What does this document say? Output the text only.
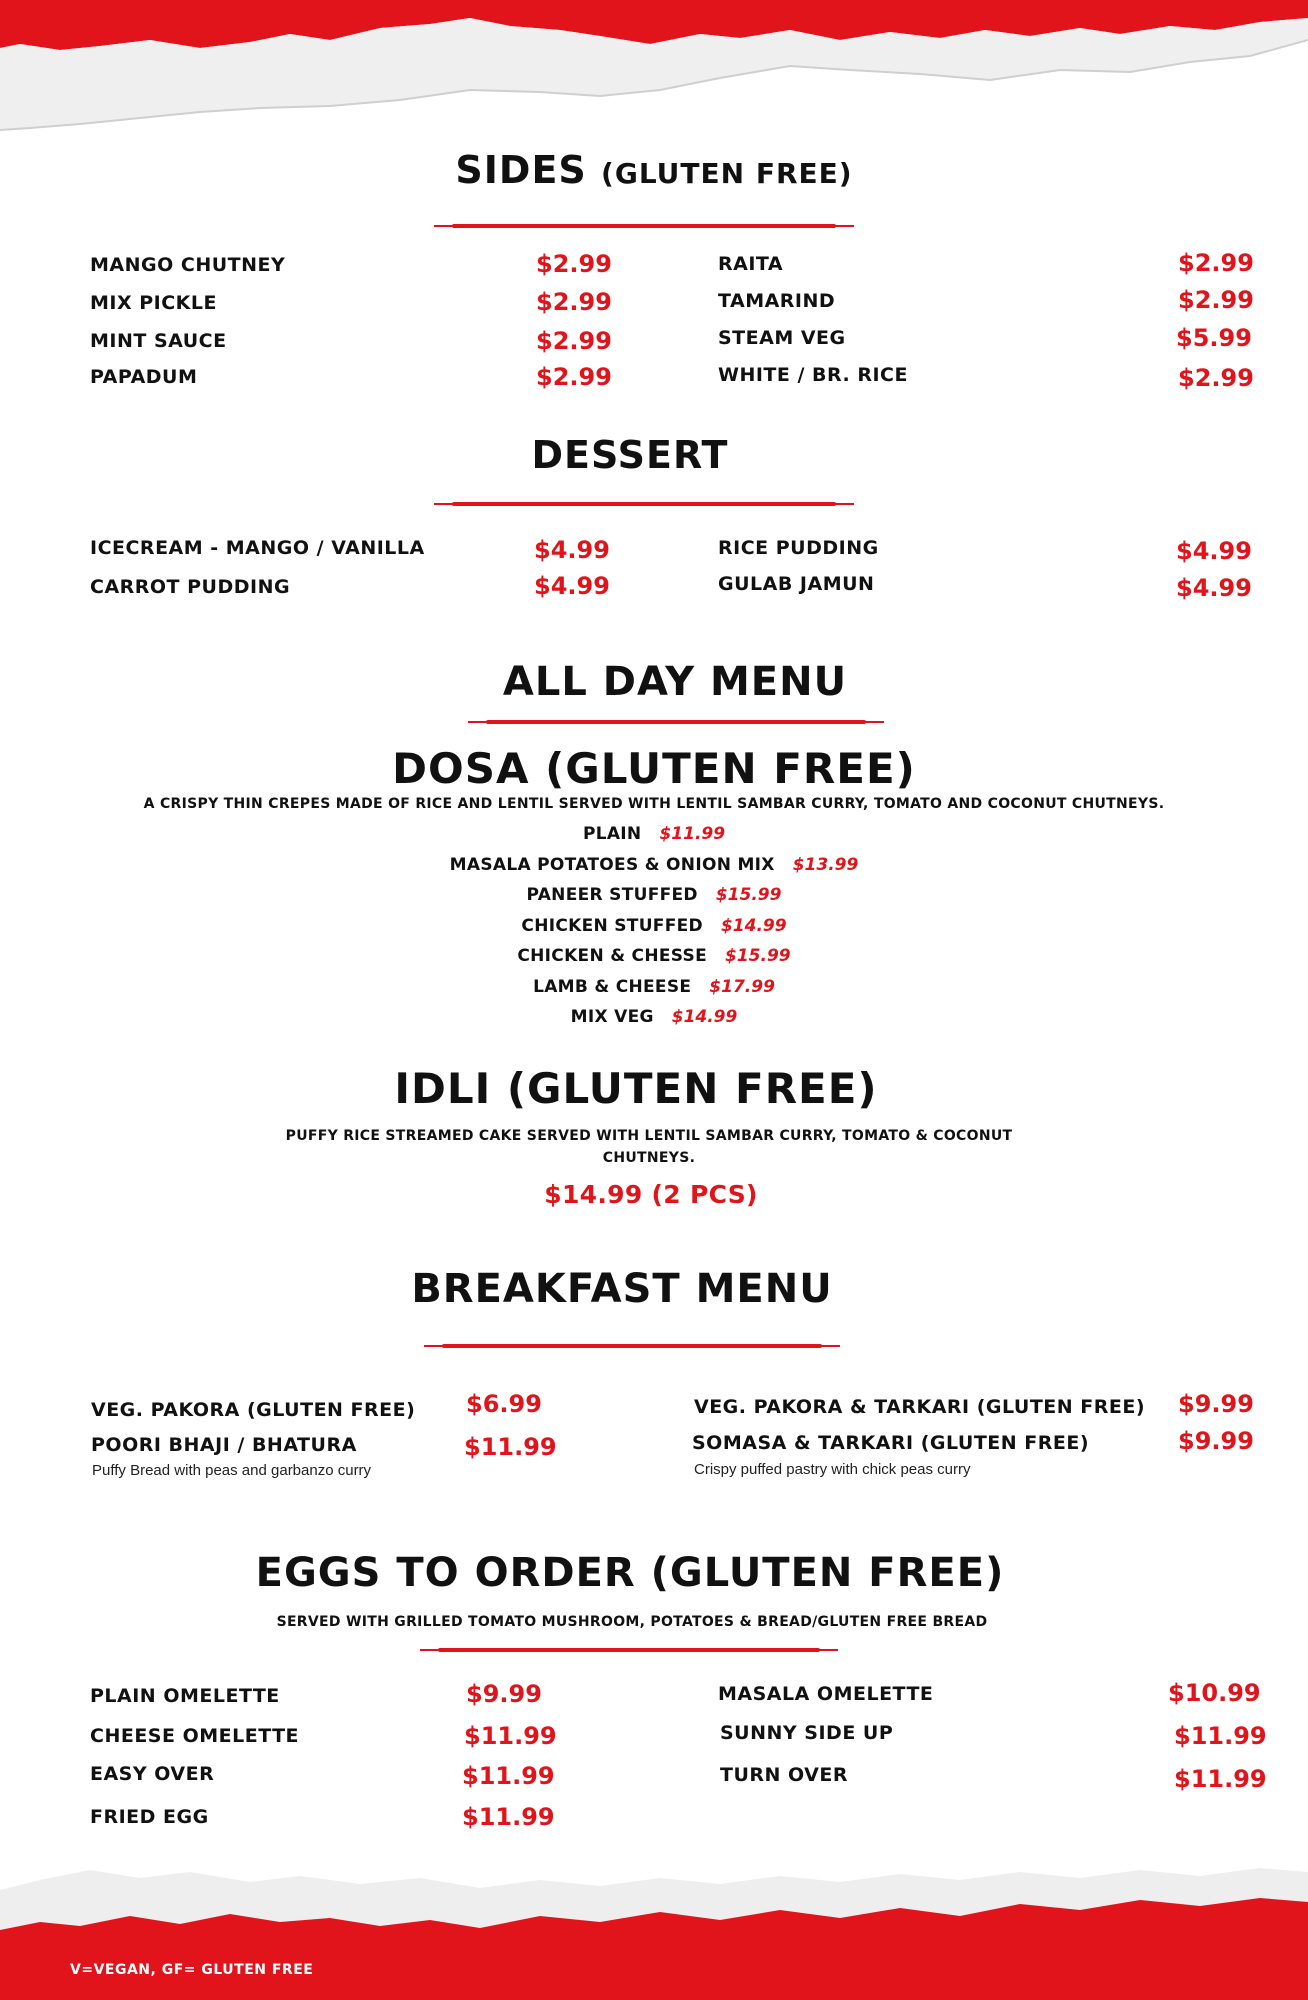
SIDES (GLUTEN FREE)
MANGO CHUTNEY	$2.99
MIX PICKLE	$2.99
MINT SAUCE	$2.99
PAPADUM	$2.99
RAITA	$2.99
TAMARIND	$2.99
STEAM VEG	$5.99
WHITE / BR. RICE	$2.99
DESSERT
ICECREAM - MANGO / VANILLA	$4.99
CARROT PUDDING	$4.99
RICE PUDDING	$4.99
GULAB JAMUN	$4.99
ALL DAY MENU
DOSA (GLUTEN FREE)
A CRISPY THIN CREPES MADE OF RICE AND LENTIL SERVED WITH LENTIL SAMBAR CURRY, TOMATO AND COCONUT CHUTNEYS.
PLAIN $11.99
MASALA POTATOES & ONION MIX $13.99
PANEER STUFFED $15.99
CHICKEN STUFFED $14.99
CHICKEN & CHESSE $15.99
LAMB & CHEESE $17.99
MIX VEG $14.99
IDLI (GLUTEN FREE)
PUFFY RICE STREAMED CAKE SERVED WITH LENTIL SAMBAR CURRY, TOMATO & COCONUT
CHUTNEYS.
$14.99 (2 PCS)
BREAKFAST MENU
VEG. PAKORA (GLUTEN FREE) $6.99
POORI BHAJI / BHATURA	$11.99
Puffy Bread with peas and garbanzo curry
VEG. PAKORA & TARKARI (GLUTEN FREE) $9.99
SOMASA & TARKARI (GLUTEN FREE)	$9.99
Crispy puffed pastry with chick peas curry
EGGS TO ORDER (GLUTEN FREE)
SERVED WITH GRILLED TOMATO MUSHROOM, POTATOES & BREAD/GLUTEN FREE BREAD
PLAIN OMELETTE	$9.99
CHEESE OMELETTE	$11.99
EASY OVER	$11.99
FRIED EGG	$11.99
MASALA OMELETTE	$10.99
SUNNY SIDE UP	$11.99
TURN OVER	$11.99
V=VEGAN, GF= GLUTEN FREE
